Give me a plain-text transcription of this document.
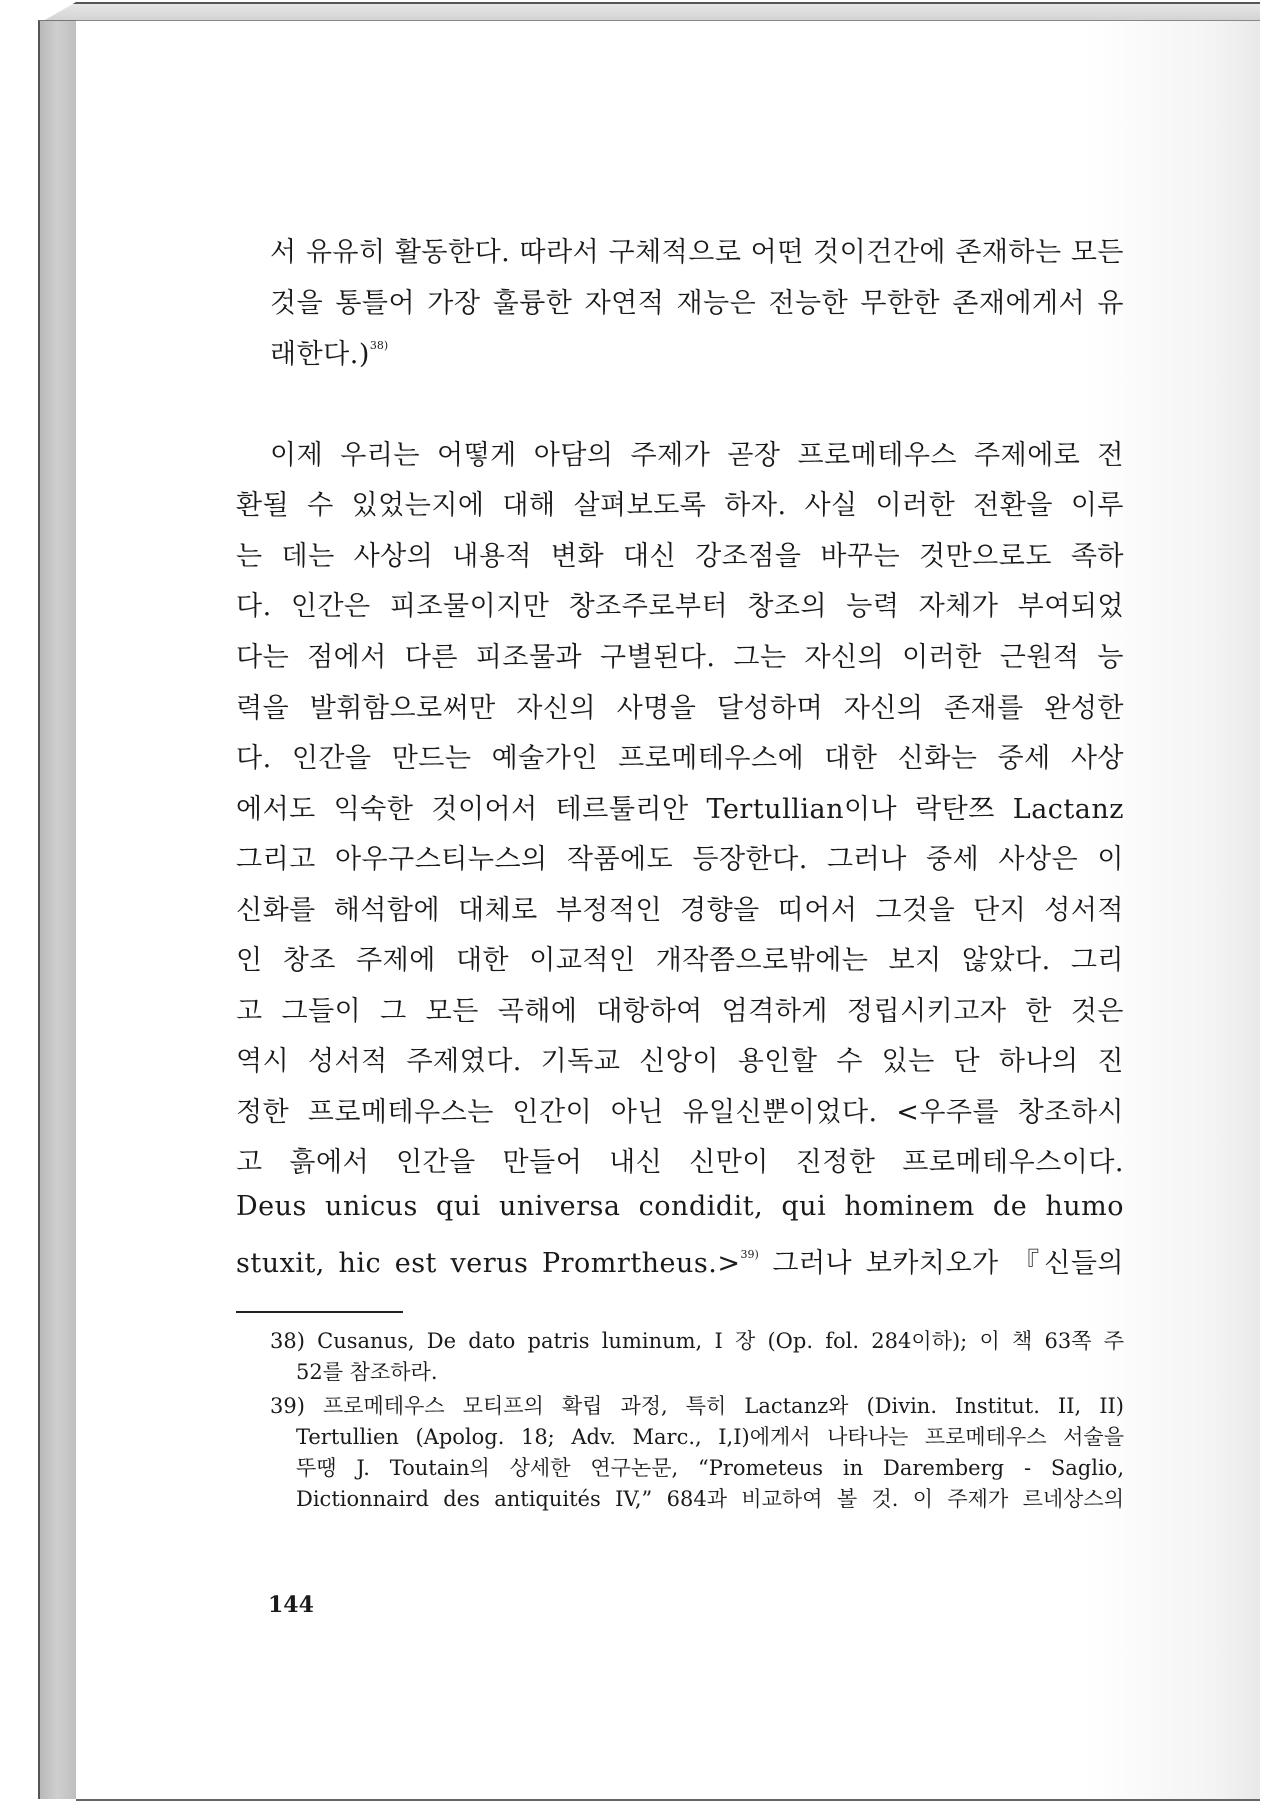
서 유유히 활동한다. 따라서 구체적으로 어떤 것이건간에 존재하는 모든
것을 통틀어 가장 훌륭한 자연적 재능은 전능한 무한한 존재에게서 유
래한다.)$^{38)}$
이제 우리는 어떻게 아담의 주제가 곧장 프로메테우스 주제에로 전
환될 수 있었는지에 대해 살펴보도록 하자. 사실 이러한 전환을 이루
는 데는 사상의 내용적 변화 대신 강조점을 바꾸는 것만으로도 족하
다. 인간은 피조물이지만 창조주로부터 창조의 능력 자체가 부여되었
다는 점에서 다른 피조물과 구별된다. 그는 자신의 이러한 근원적 능
력을 발휘함으로써만 자신의 사명을 달성하며 자신의 존재를 완성한
다. 인간을 만드는 예술가인 프로메테우스에 대한 신화는 중세 사상
에서도 익숙한 것이어서 테르툴리안 Tertullian이나 락탄쯔 Lactanz
그리고 아우구스티누스의 작품에도 등장한다. 그러나 중세 사상은 이
신화를 해석함에 대체로 부정적인 경향을 띠어서 그것을 단지 성서적
인 창조 주제에 대한 이교적인 개작쯤으로밖에는 보지 않았다. 그리
고 그들이 그 모든 곡해에 대항하여 엄격하게 정립시키고자 한 것은
역시 성서적 주제였다. 기독교 신앙이 용인할 수 있는 단 하나의 진
정한 프로메테우스는 인간이 아닌 유일신뿐이었다. <우주를 창조하시
고 흙에서 인간을 만들어 내신 신만이 진정한 프로메테우스이다.
Deus unicus qui universa condidit, qui hominem de humo
stuxit, hic est verus Promrtheus.>$^{39)}$ 그러나 보카치오가 『신들의
38) Cusanus, De dato patris luminum, I 장 (Op. fol. 284이하); 이 책 63쪽 주
52를 참조하라.
39) 프로메테우스 모티프의 확립 과정, 특히 Lactanz와 (Divin. Institut. II, II)
Tertullien (Apolog. 18; Adv. Marc., I,I)에게서 나타나는 프로메테우스 서술을
뚜땡 J. Toutain의 상세한 연구논문, “Prometeus in Daremberg - Saglio,
Dictionnaird des antiquités IV,” 684과 비교하여 볼 것. 이 주제가 르네상스의
144
